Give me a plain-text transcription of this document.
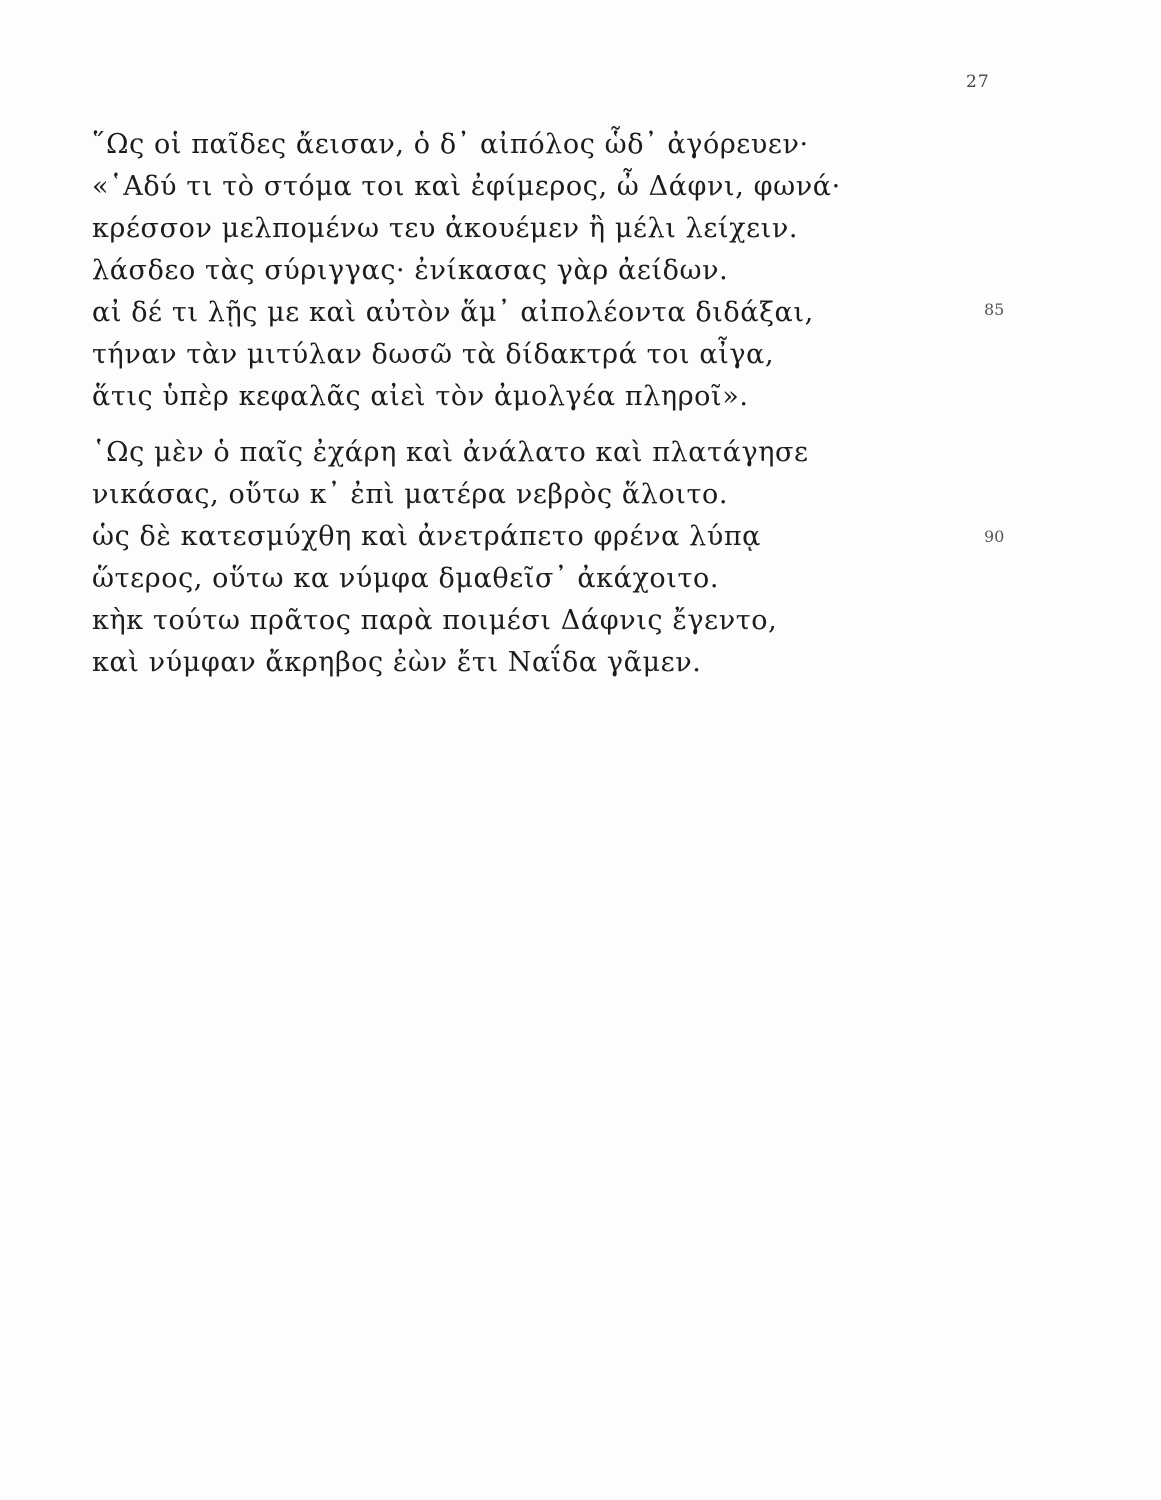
27
῞Ως οἱ παῖδες ἄεισαν, ὁ δ᾿ αἰπόλος ὧδ᾿ ἀγόρευεν·
«῾Αδύ τι τὸ στόμα τοι καὶ ἐφίμερος, ὦ Δάφνι, φωνά·
κρέσσον μελπομένω τευ ἀκουέμεν ἢ μέλι λείχειν.
λάσδεο τὰς σύριγγας· ἐνίκασας γὰρ ἀείδων.
αἰ δέ τι λῇς με καὶ αὐτὸν ἅμ᾿ αἰπολέοντα διδάξαι,
τήναν τὰν μιτύλαν δωσῶ τὰ δίδακτρά τοι αἶγα,
ἅτις ὑπὲρ κεφαλᾶς αἰεὶ τὸν ἀμολγέα πληροῖ».
85
῾Ως μὲν ὁ παῖς ἐχάρη καὶ ἀνάλατο καὶ πλατάγησε
νικάσας, οὕτω κ᾿ ἐπὶ ματέρα νεβρὸς ἅλοιτο.
ὡς δὲ κατεσμύχθη καὶ ἀνετράπετο φρένα λύπᾳ
ὥτερος, οὕτω κα νύμφα δμαθεῖσ᾿ ἀκάχοιτο.
κὴκ τούτω πρᾶτος παρὰ ποιμέσι Δάφνις ἔγεντο,
καὶ νύμφαν ἄκρηβος ἐὼν ἔτι Ναΐδα γᾶμεν.
90
